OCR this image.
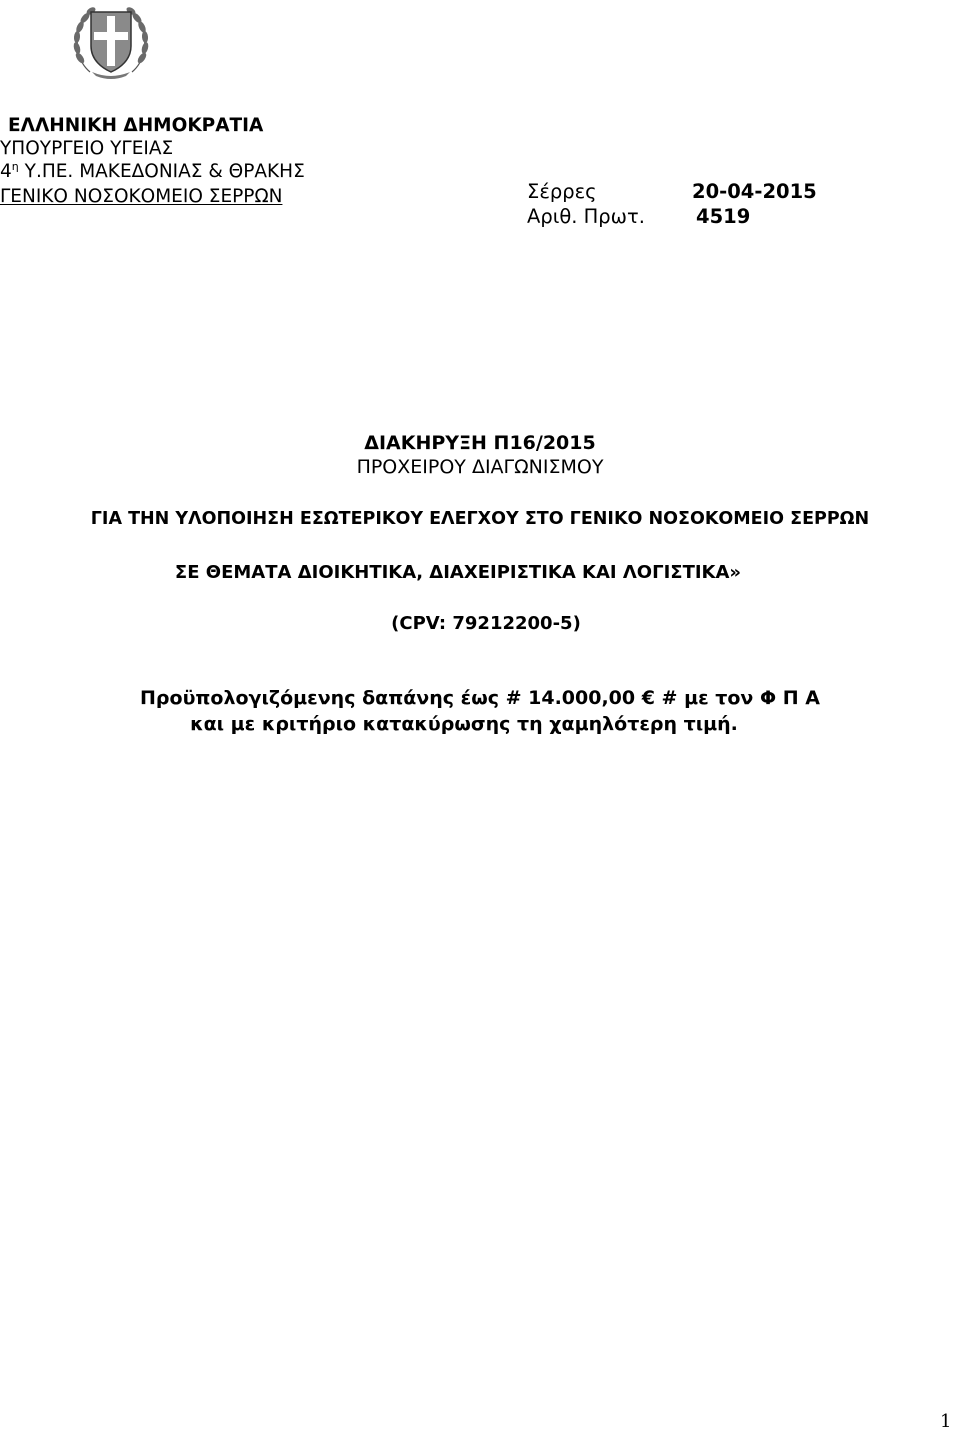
ΕΛΛΗΝΙΚΗ ΔΗΜΟΚΡΑΤΙΑ
ΥΠΟΥΡΓΕΙΟ ΥΓΕΙΑΣ
$4^\eta$ Υ.ΠΕ. ΜΑΚΕΔΟΝΙΑΣ & ΘΡΑΚΗΣ
ΓΕΝΙΚΟ ΝΟΣΟΚΟΜΕΙΟ ΣΕΡΡΩΝ	Σέρρες	20-04-2015
Αριθ. Πρωτ.	4519
ΔΙΑΚΗΡΥΞΗ Π16/2015
ΠΡΟΧΕΙΡΟΥ ΔΙΑΓΩΝΙΣΜΟΥ
ΓΙΑ ΤΗΝ ΥΛΟΠΟΙΗΣΗ ΕΣΩΤΕΡΙΚΟΥ ΕΛΕΓΧΟΥ ΣΤΟ ΓΕΝΙΚΟ ΝΟΣΟΚΟΜΕΙΟ ΣΕΡΡΩΝ
ΣΕ ΘΕΜΑΤΑ ΔΙΟΙΚΗΤΙΚΑ, ΔΙΑΧΕΙΡΙΣΤΙΚΑ ΚΑΙ ΛΟΓΙΣΤΙΚΑ»
(CPV: 79212200-5)
Προϋπολογιζόμενης δαπάνης έως # 14.000,00 € # με τον Φ Π Α
και με κριτήριο κατακύρωσης τη χαμηλότερη τιμή.
1
